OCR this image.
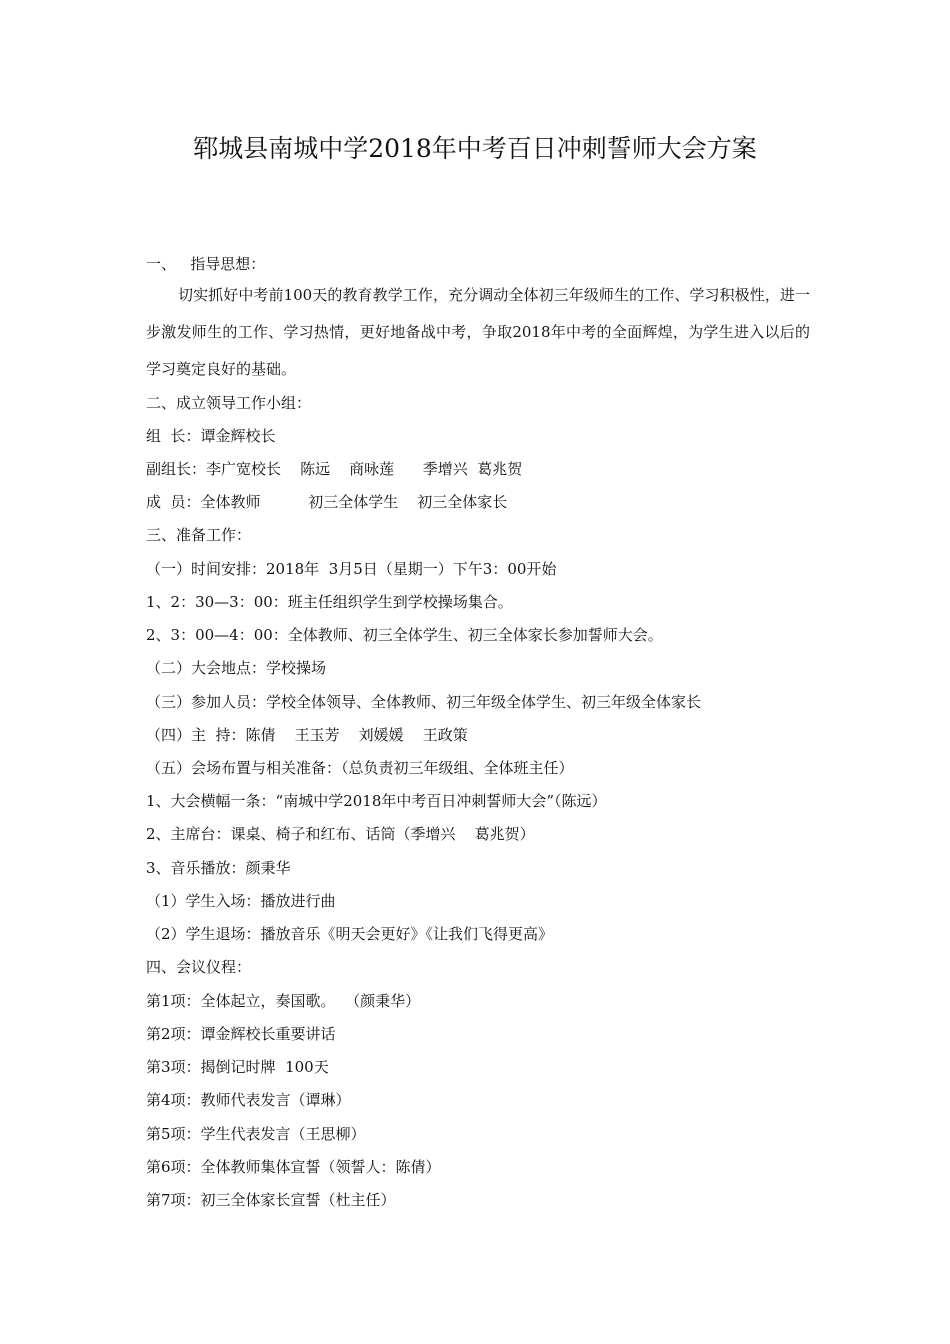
郓城县南城中学2018年中考百日冲刺誓师大会方案
一、   指导思想：
切实抓好中考前100天的教育教学工作，充分调动全体初三年级师生的工作、学习积极性，进一步激发师生的工作、学习热情，更好地备战中考，争取2018年中考的全面辉煌，为学生进入以后的学习奠定良好的基础。
二、成立领导工作小组：
组  长：谭金辉校长
副组长：李广宽校长    陈远    商咏莲      季增兴  葛兆贺
成  员：全体教师          初三全体学生    初三全体家长
三、准备工作：
（一）时间安排：2018年  3月5日（星期一）下午3：00开始
1、2：30—3：00：班主任组织学生到学校操场集合。
2、3：00—4：00：全体教师、初三全体学生、初三全体家长参加誓师大会。
（二）大会地点：学校操场
（三）参加人员：学校全体领导、全体教师、初三年级全体学生、初三年级全体家长
（四）主  持：陈倩    王玉芳    刘媛媛    王政策
（五）会场布置与相关准备：（总负责初三年级组、全体班主任）
1、大会横幅一条：“南城中学2018年中考百日冲刺誓师大会”（陈远）
2、主席台：课桌、椅子和红布、话筒（季增兴    葛兆贺）
3、音乐播放：颜秉华
（1）学生入场：播放进行曲
（2）学生退场：播放音乐《明天会更好》《让我们飞得更高》
四、会议仪程：
第1项：全体起立，奏国歌。  （颜秉华）
第2项：谭金辉校长重要讲话
第3项：揭倒记时牌  100天
第4项：教师代表发言（谭琳）
第5项：学生代表发言（王思柳）
第6项：全体教师集体宣誓（领誓人：陈倩）
第7项：初三全体家长宣誓（杜主任）
